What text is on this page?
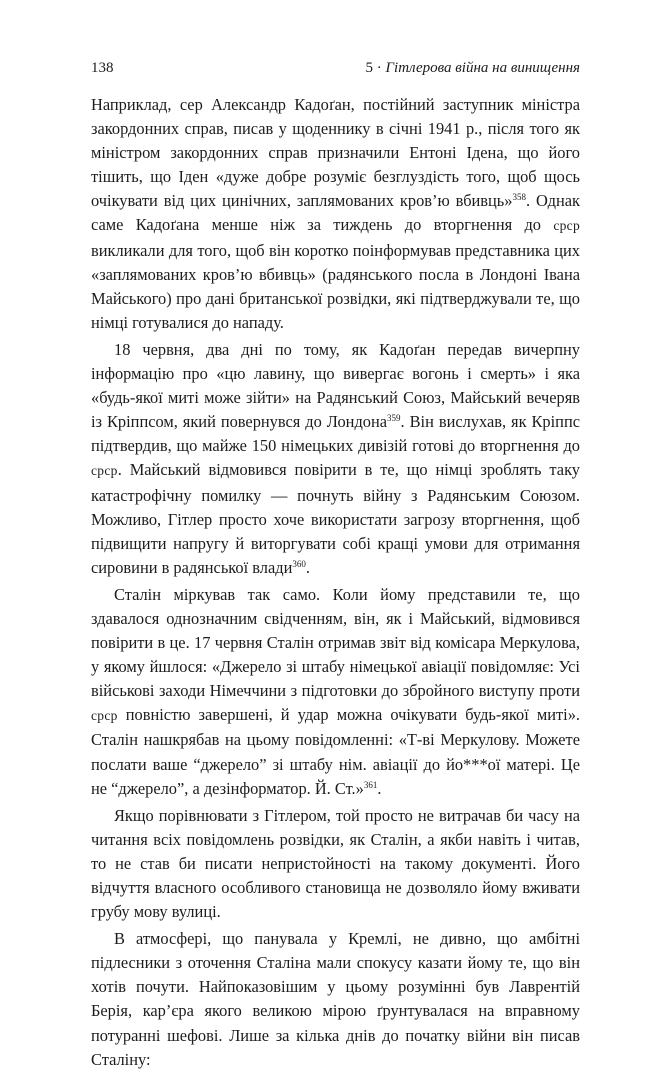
138	5 · Гітлерова війна на винищення

Наприклад, сер Александр Кадоґан, постійний заступник міністра закордонних справ, писав у щоденнику в січні 1941 р., після того як міністром закордонних справ призначили Ентоні Ідена, що його тішить, що Іден «дуже добре розуміє безглуздість того, щоб щось очікувати від цих цинічних, заплямованих кров’ю вбивць»$^{358}$. Однак саме Кадоґана менше ніж за тиждень до вторгнення до срср викликали для того, щоб він коротко поінформував представника цих «заплямованих кров’ю вбивць» (радянського посла в Лондоні Івана Майського) про дані британської розвідки, які підтверджували те, що німці готувалися до нападу.

18 червня, два дні по тому, як Кадоґан передав вичерпну інформацію про «цю лавину, що вивергає вогонь і смерть» і яка «будь-якої миті може зійти» на Радянський Союз, Майський вечеряв із Кріппсом, який повернувся до Лондона$^{359}$. Він вислухав, як Кріппс підтвердив, що майже 150 німецьких дивізій готові до вторгнення до срср. Майський відмовився повірити в те, що німці зроблять таку катастрофічну помилку — почнуть війну з Радянським Союзом. Можливо, Гітлер просто хоче використати загрозу вторгнення, щоб підвищити напругу й виторгувати собі кращі умови для отримання сировини в радянської влади$^{360}$.

Сталін міркував так само. Коли йому представили те, що здавалося однозначним свідченням, він, як і Майський, відмовився повірити в це. 17 червня Сталін отримав звіт від комісара Меркулова, у якому йшлося: «Джерело зі штабу німецької авіації повідомляє: Усі військові заходи Німеччини з підготовки до збройного виступу проти срср повністю завершені, й удар можна очікувати будь-якої миті». Сталін нашкрябав на цьому повідомленні: «Т-ві Меркулову. Можете послати ваше “джерело” зі штабу нім. авіації до йо***ої матері. Це не “джерело”, а дезінформатор. Й. Ст.»$^{361}$.

Якщо порівнювати з Гітлером, той просто не витрачав би часу на читання всіх повідомлень розвідки, як Сталін, а якби навіть і читав, то не став би писати непристойності на такому документі. Його відчуття власного особливого становища не дозволяло йому вживати грубу мову вулиці.

В атмосфері, що панувала у Кремлі, не дивно, що амбітні підлесники з оточення Сталіна мали спокусу казати йому те, що він хотів почути. Найпоказовішим у цьому розумінні був Лаврентій Берія, кар’єра якого великою мірою ґрунтувалася на вправному потуранні шефові. Лише за кілька днів до початку війни він писав Сталіну:
